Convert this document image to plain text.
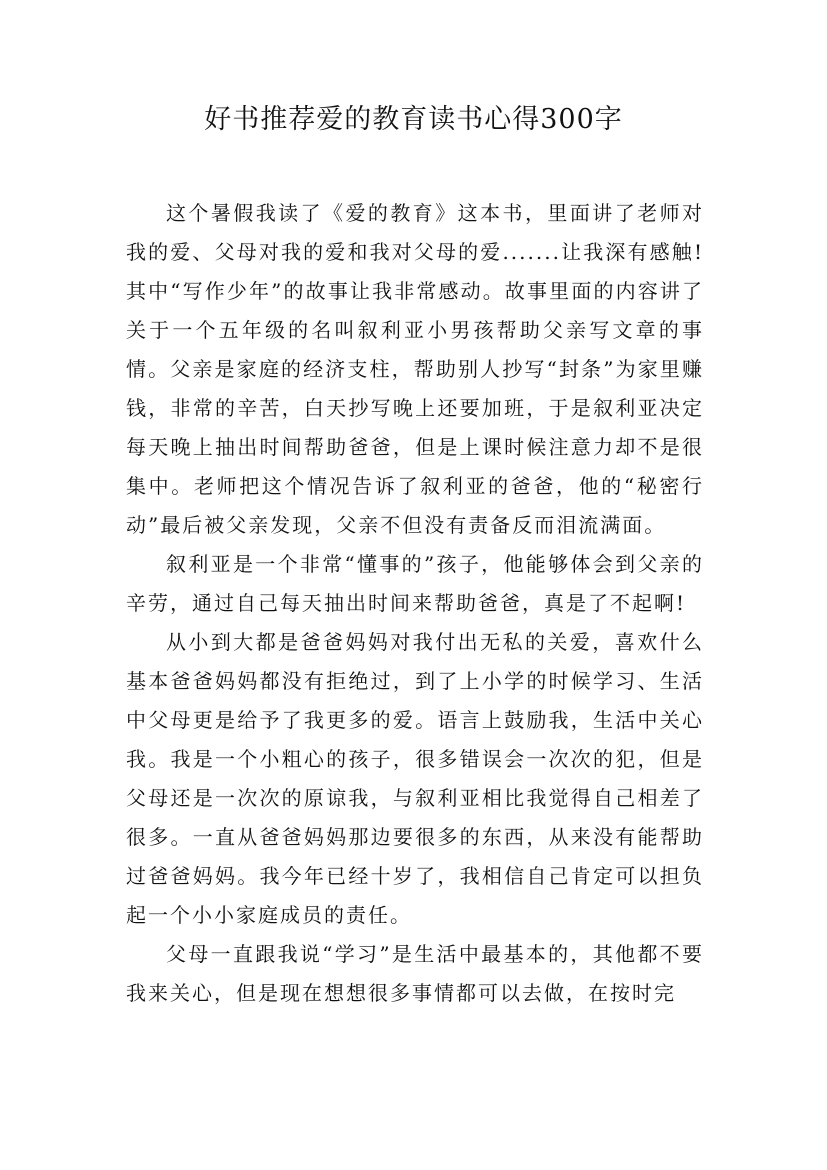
好书推荐爱的教育读书心得300字

这个暑假我读了《爱的教育》这本书，里面讲了老师对我的爱、父母对我的爱和我对父母的爱.......让我深有感触!其中“写作少年”的故事让我非常感动。故事里面的内容讲了关于一个五年级的名叫叙利亚小男孩帮助父亲写文章的事情。父亲是家庭的经济支柱，帮助别人抄写“封条”为家里赚钱，非常的辛苦，白天抄写晚上还要加班，于是叙利亚决定每天晚上抽出时间帮助爸爸，但是上课时候注意力却不是很集中。老师把这个情况告诉了叙利亚的爸爸，他的“秘密行动”最后被父亲发现，父亲不但没有责备反而泪流满面。

叙利亚是一个非常“懂事的”孩子，他能够体会到父亲的辛劳，通过自己每天抽出时间来帮助爸爸，真是了不起啊!

从小到大都是爸爸妈妈对我付出无私的关爱，喜欢什么基本爸爸妈妈都没有拒绝过，到了上小学的时候学习、生活中父母更是给予了我更多的爱。语言上鼓励我，生活中关心我。我是一个小粗心的孩子，很多错误会一次次的犯，但是父母还是一次次的原谅我，与叙利亚相比我觉得自己相差了很多。一直从爸爸妈妈那边要很多的东西，从来没有能帮助过爸爸妈妈。我今年已经十岁了，我相信自己肯定可以担负起一个小小家庭成员的责任。

父母一直跟我说“学习”是生活中最基本的，其他都不要我来关心，但是现在想想很多事情都可以去做，在按时完
